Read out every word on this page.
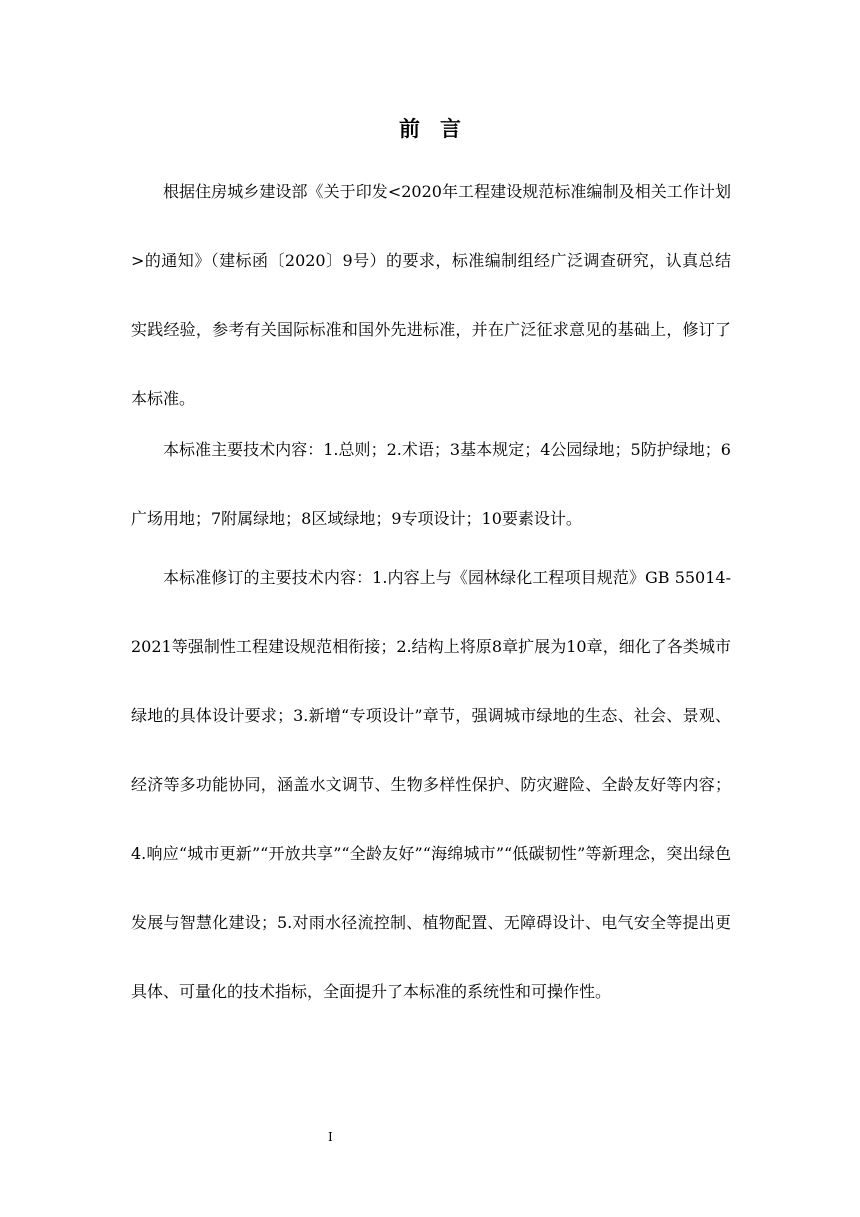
前 言

根据住房城乡建设部《关于印发<2020年工程建设规范标准编制及相关工作计划>的通知》（建标函〔2020〕9号）的要求，标准编制组经广泛调查研究，认真总结实践经验，参考有关国际标准和国外先进标准，并在广泛征求意见的基础上，修订了本标准。

本标准主要技术内容：1.总则；2.术语；3基本规定；4公园绿地；5防护绿地；6广场用地；7附属绿地；8区域绿地；9专项设计；10要素设计。

本标准修订的主要技术内容：1.内容上与《园林绿化工程项目规范》GB 55014-2021等强制性工程建设规范相衔接；2.结构上将原8章扩展为10章，细化了各类城市绿地的具体设计要求；3.新增“专项设计”章节，强调城市绿地的生态、社会、景观、经济等多功能协同，涵盖水文调节、生物多样性保护、防灾避险、全龄友好等内容；4.响应“城市更新”“开放共享”“全龄友好”“海绵城市”“低碳韧性”等新理念，突出绿色发展与智慧化建设；5.对雨水径流控制、植物配置、无障碍设计、电气安全等提出更具体、可量化的技术指标，全面提升了本标准的系统性和可操作性。

I
